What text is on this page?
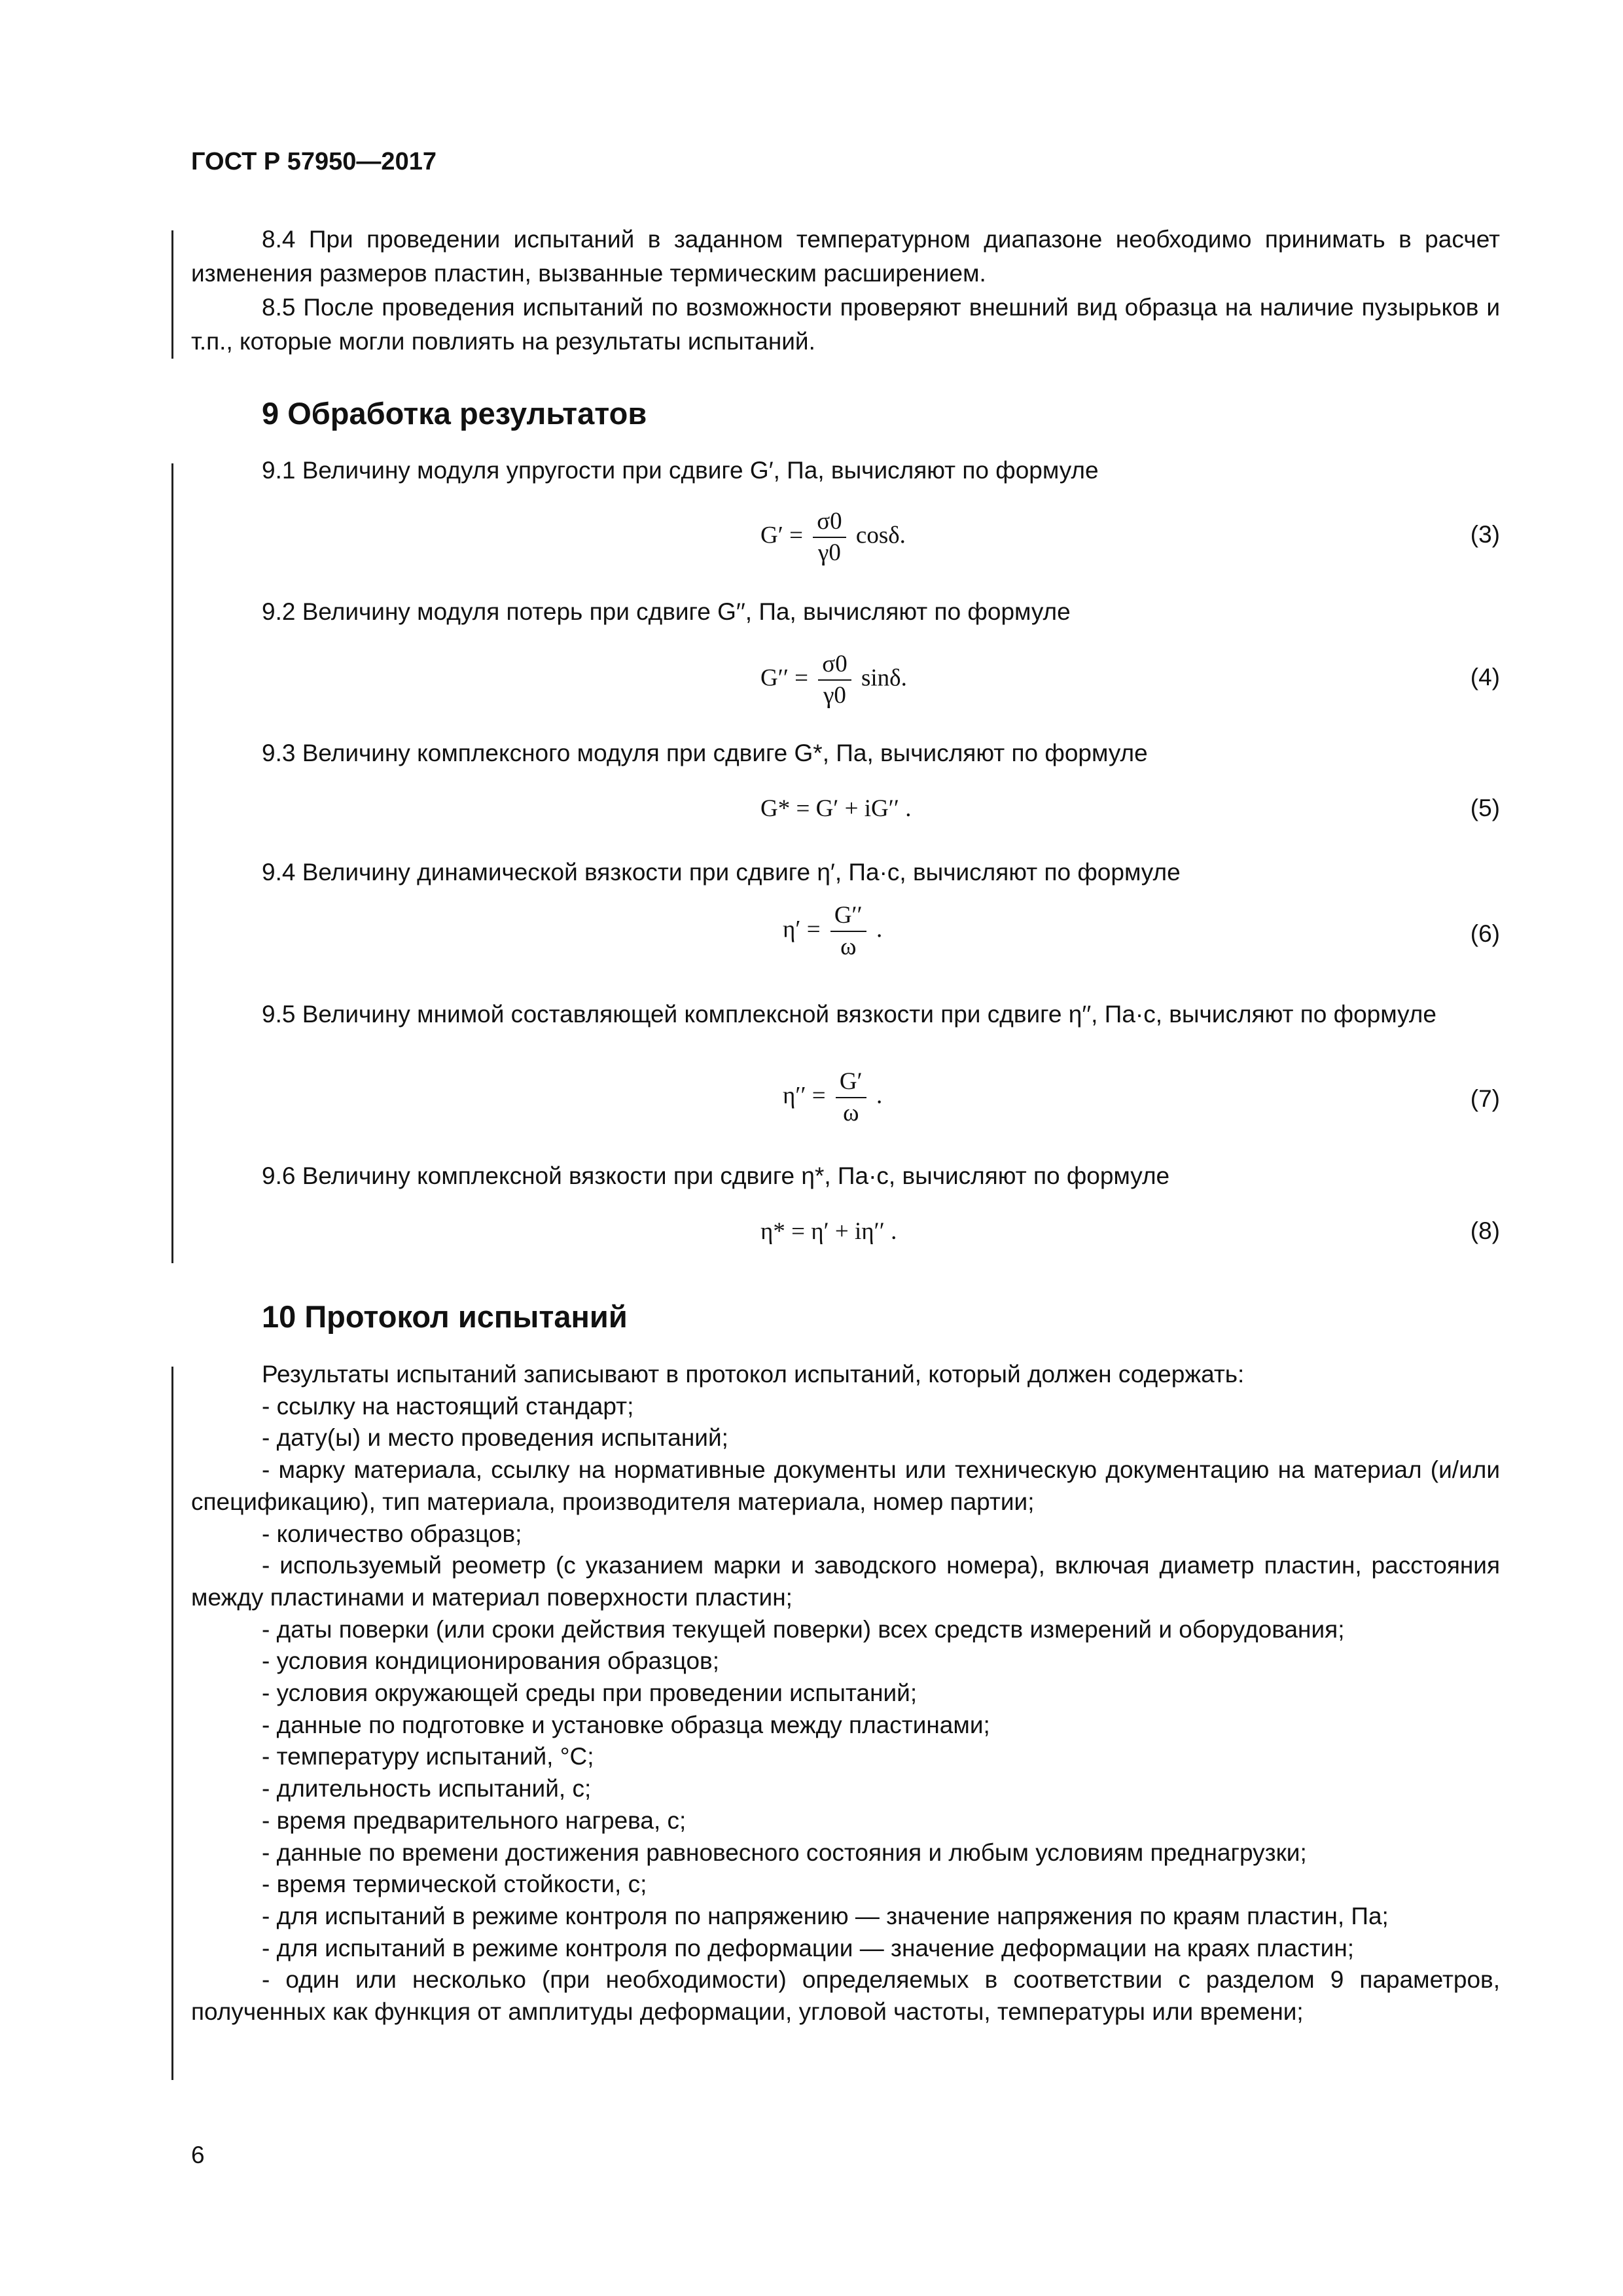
ГОСТ Р 57950—2017

8.4 При проведении испытаний в заданном температурном диапазоне необходимо принимать в расчет изменения размеров пластин, вызванные термическим расширением.

8.5 После проведения испытаний по возможности проверяют внешний вид образца на наличие пузырьков и т.п., которые могли повлиять на результаты испытаний.

9 Обработка результатов

9.1 Величину модуля упругости при сдвиге G′, Па, вычисляют по формуле

$G' = \frac{\sigma 0}{\gamma 0} \cos\delta$.	(3)

9.2 Величину модуля потерь при сдвиге G′′, Па, вычисляют по формуле

$G'' = \frac{\sigma 0}{\gamma 0} \sin\delta$.	(4)

9.3 Величину комплексного модуля при сдвиге G*, Па, вычисляют по формуле

G* = G′ + iG′′ .	(5)

9.4 Величину динамической вязкости при сдвиге η′, Па·с, вычисляют по формуле

$\eta' = \frac{G''}{\omega}$ .	(6)

9.5 Величину мнимой составляющей комплексной вязкости при сдвиге η′′, Па·с, вычисляют по формуле

$\eta'' = \frac{G'}{\omega}$ .	(7)

9.6 Величину комплексной вязкости при сдвиге η*, Па·с, вычисляют по формуле

η* = η′ + iη′′ .	(8)
10 Протокол испытаний
Результаты испытаний записывают в протокол испытаний, который должен содержать:
- ссылку на настоящий стандарт;
- дату(ы) и место проведения испытаний;
- марку материала, ссылку на нормативные документы или техническую документацию на материал (и/или спецификацию), тип материала, производителя материала, номер партии;
- количество образцов;
- используемый реометр (с указанием марки и заводского номера), включая диаметр пластин, расстояния между пластинами и материал поверхности пластин;
- даты поверки (или сроки действия текущей поверки) всех средств измерений и оборудования;
- условия кондиционирования образцов;
- условия окружающей среды при проведении испытаний;
- данные по подготовке и установке образца между пластинами;
- температуру испытаний, °С;
- длительность испытаний, с;
- время предварительного нагрева, с;
- данные по времени достижения равновесного состояния и любым условиям преднагрузки;
- время термической стойкости, с;
- для испытаний в режиме контроля по напряжению — значение напряжения по краям пластин, Па;
- для испытаний в режиме контроля по деформации — значение деформации на краях пластин;
- один или несколько (при необходимости) определяемых в соответствии с разделом 9 параметров, полученных как функция от амплитуды деформации, угловой частоты, температуры или времени;
6
